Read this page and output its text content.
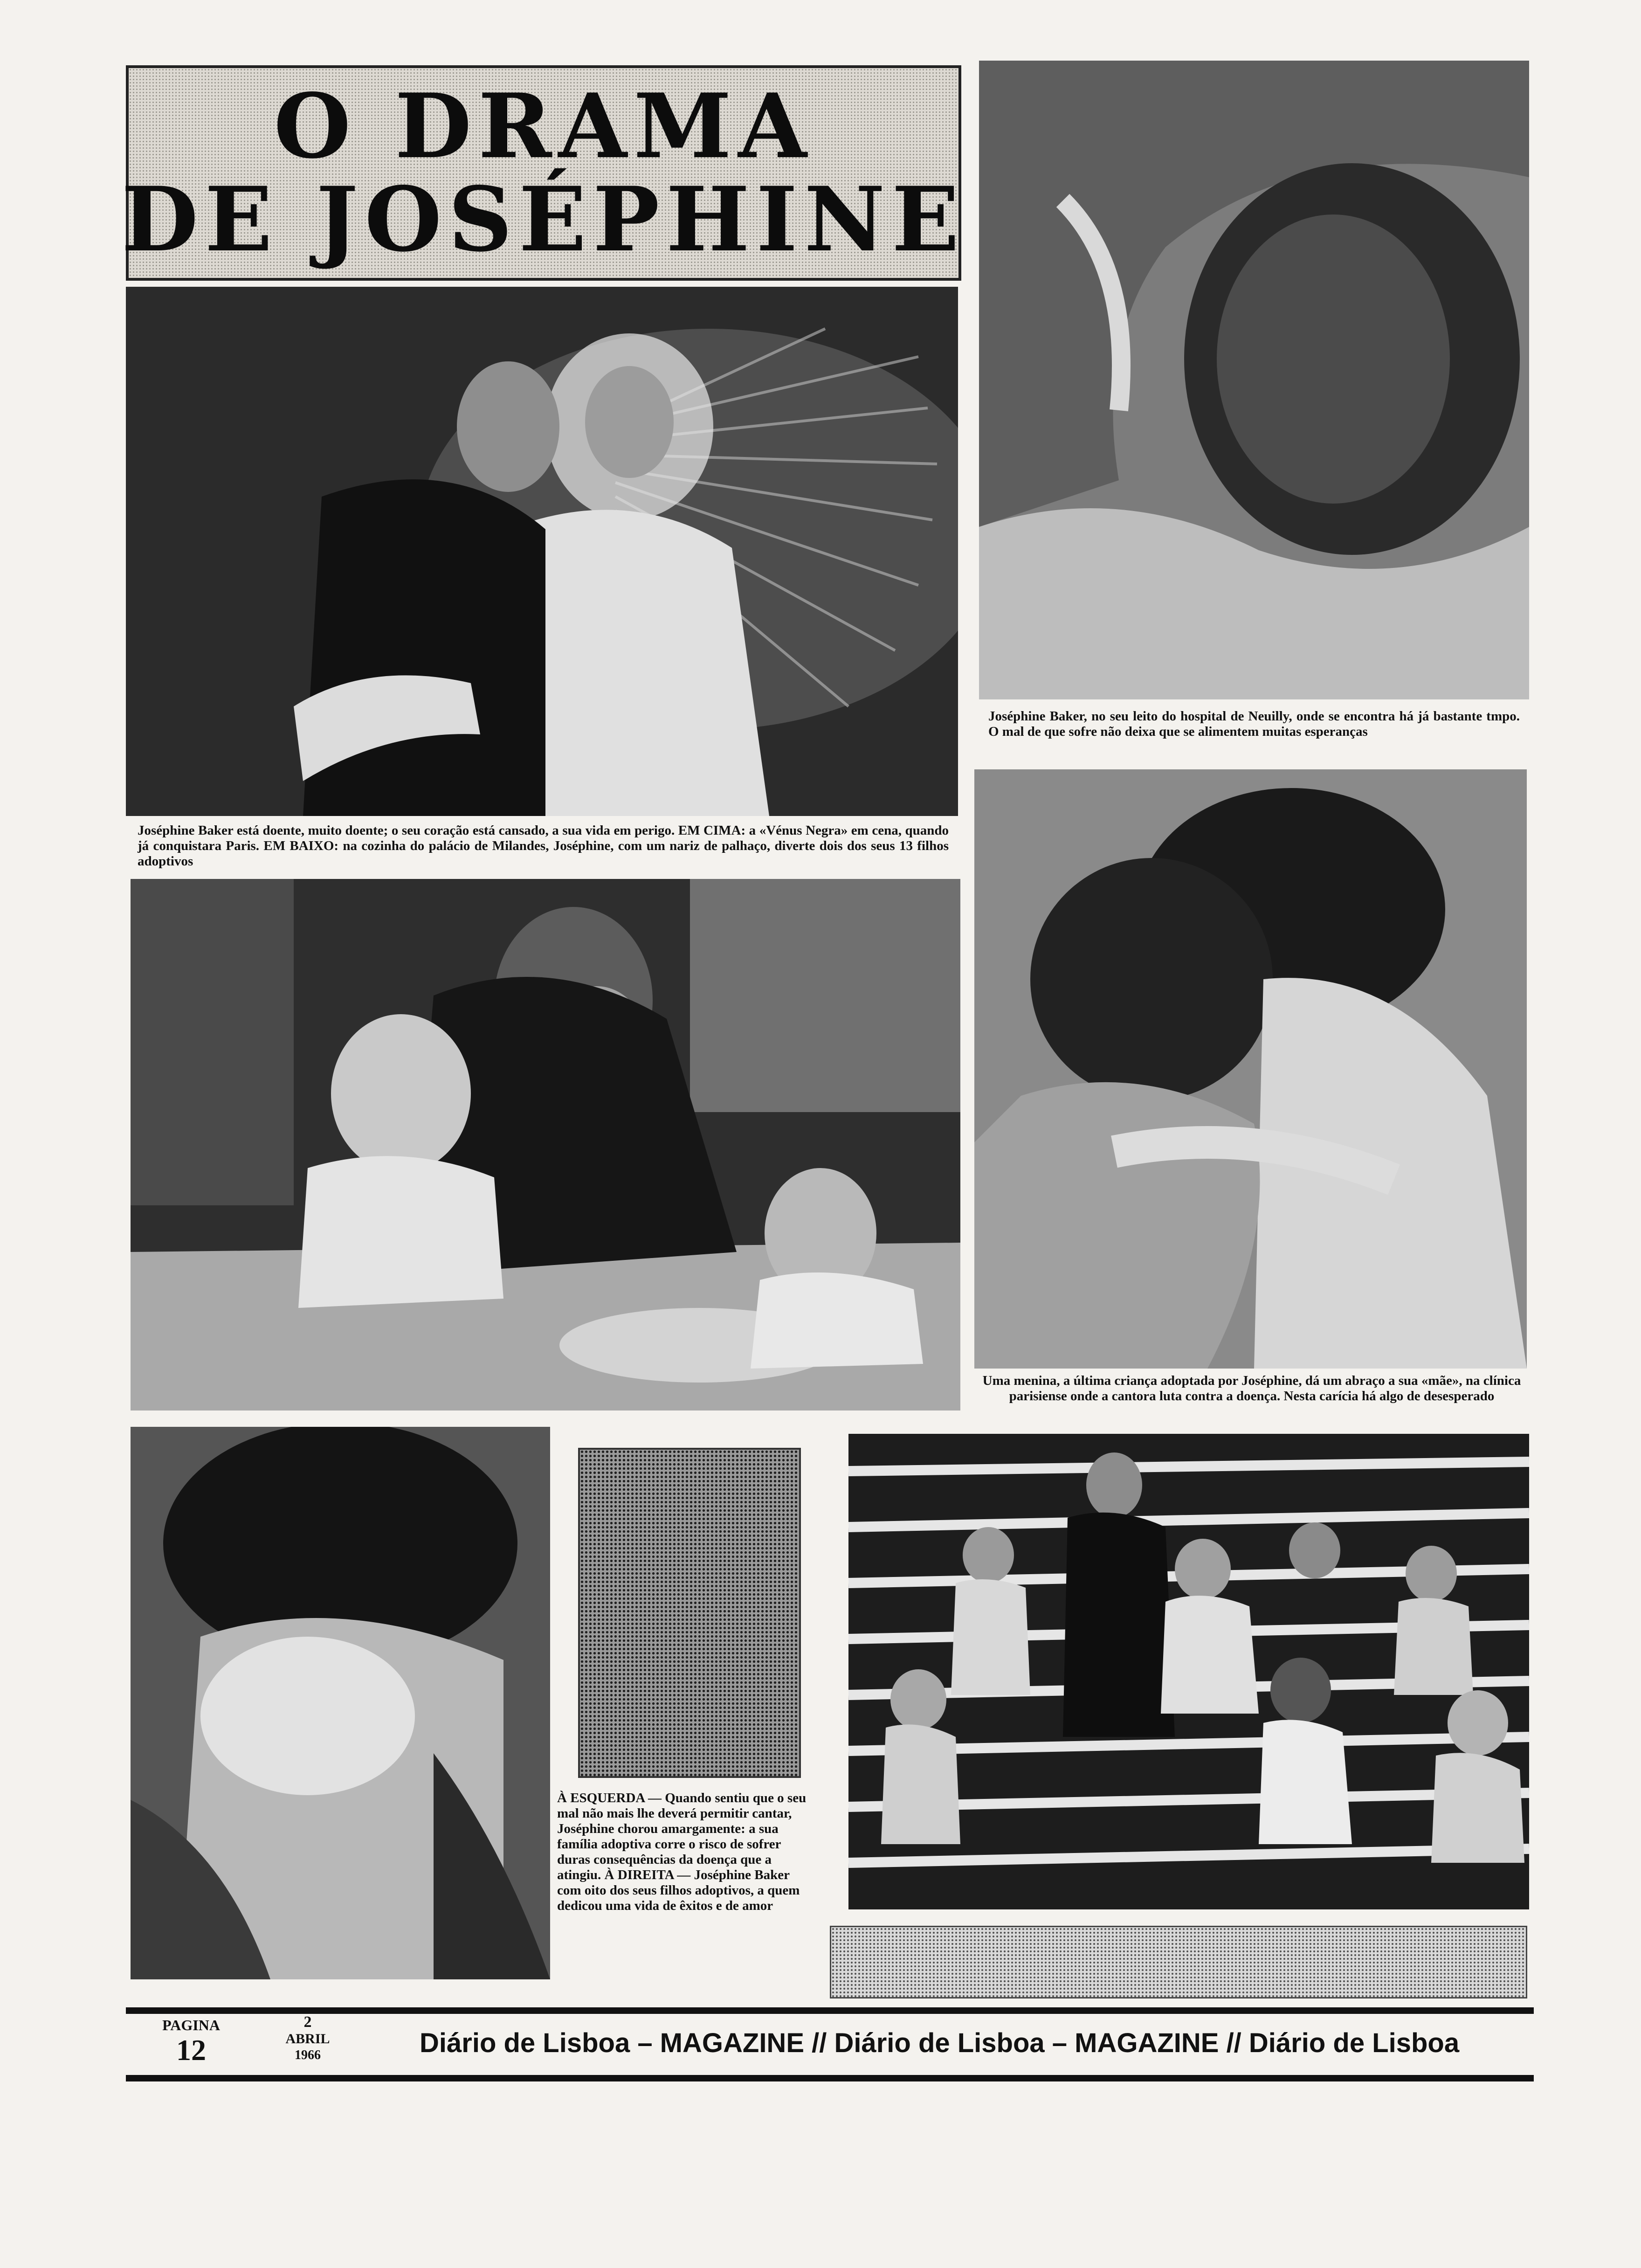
O DRAMA
DE JOSÉPHINE
Joséphine Baker, no seu leito do hospital de Neuilly, onde se encontra há já bastante tmpo. O mal de que sofre não deixa que se alimentem muitas esperanças
Joséphine Baker está doente, muito doente; o seu coração está cansado, a sua vida em perigo. EM CIMA: a «Vénus Negra» em cena, quando já conquistara Paris. EM BAIXO: na cozinha do palácio de Milandes, Joséphine, com um nariz de palhaço, diverte dois dos seus 13 filhos adoptivos
Uma menina, a última criança adoptada por Joséphine, dá um abraço a sua «mãe», na clínica parisiense onde a cantora luta contra a doença. Nesta carícia há algo de desesperado
À ESQUERDA — Quando sentiu que o seu mal não mais lhe deverá permitir cantar, Joséphine chorou amargamente: a sua família adoptiva corre o risco de sofrer duras consequências da doença que a atingiu. À DIREITA — Joséphine Baker com oito dos seus filhos adoptivos, a quem dedicou uma vida de êxitos e de amor
PAGINA
12
2
ABRIL
1966	Diário de Lisboa – MAGAZINE // Diário de Lisboa – MAGAZINE // Diário de Lisboa
